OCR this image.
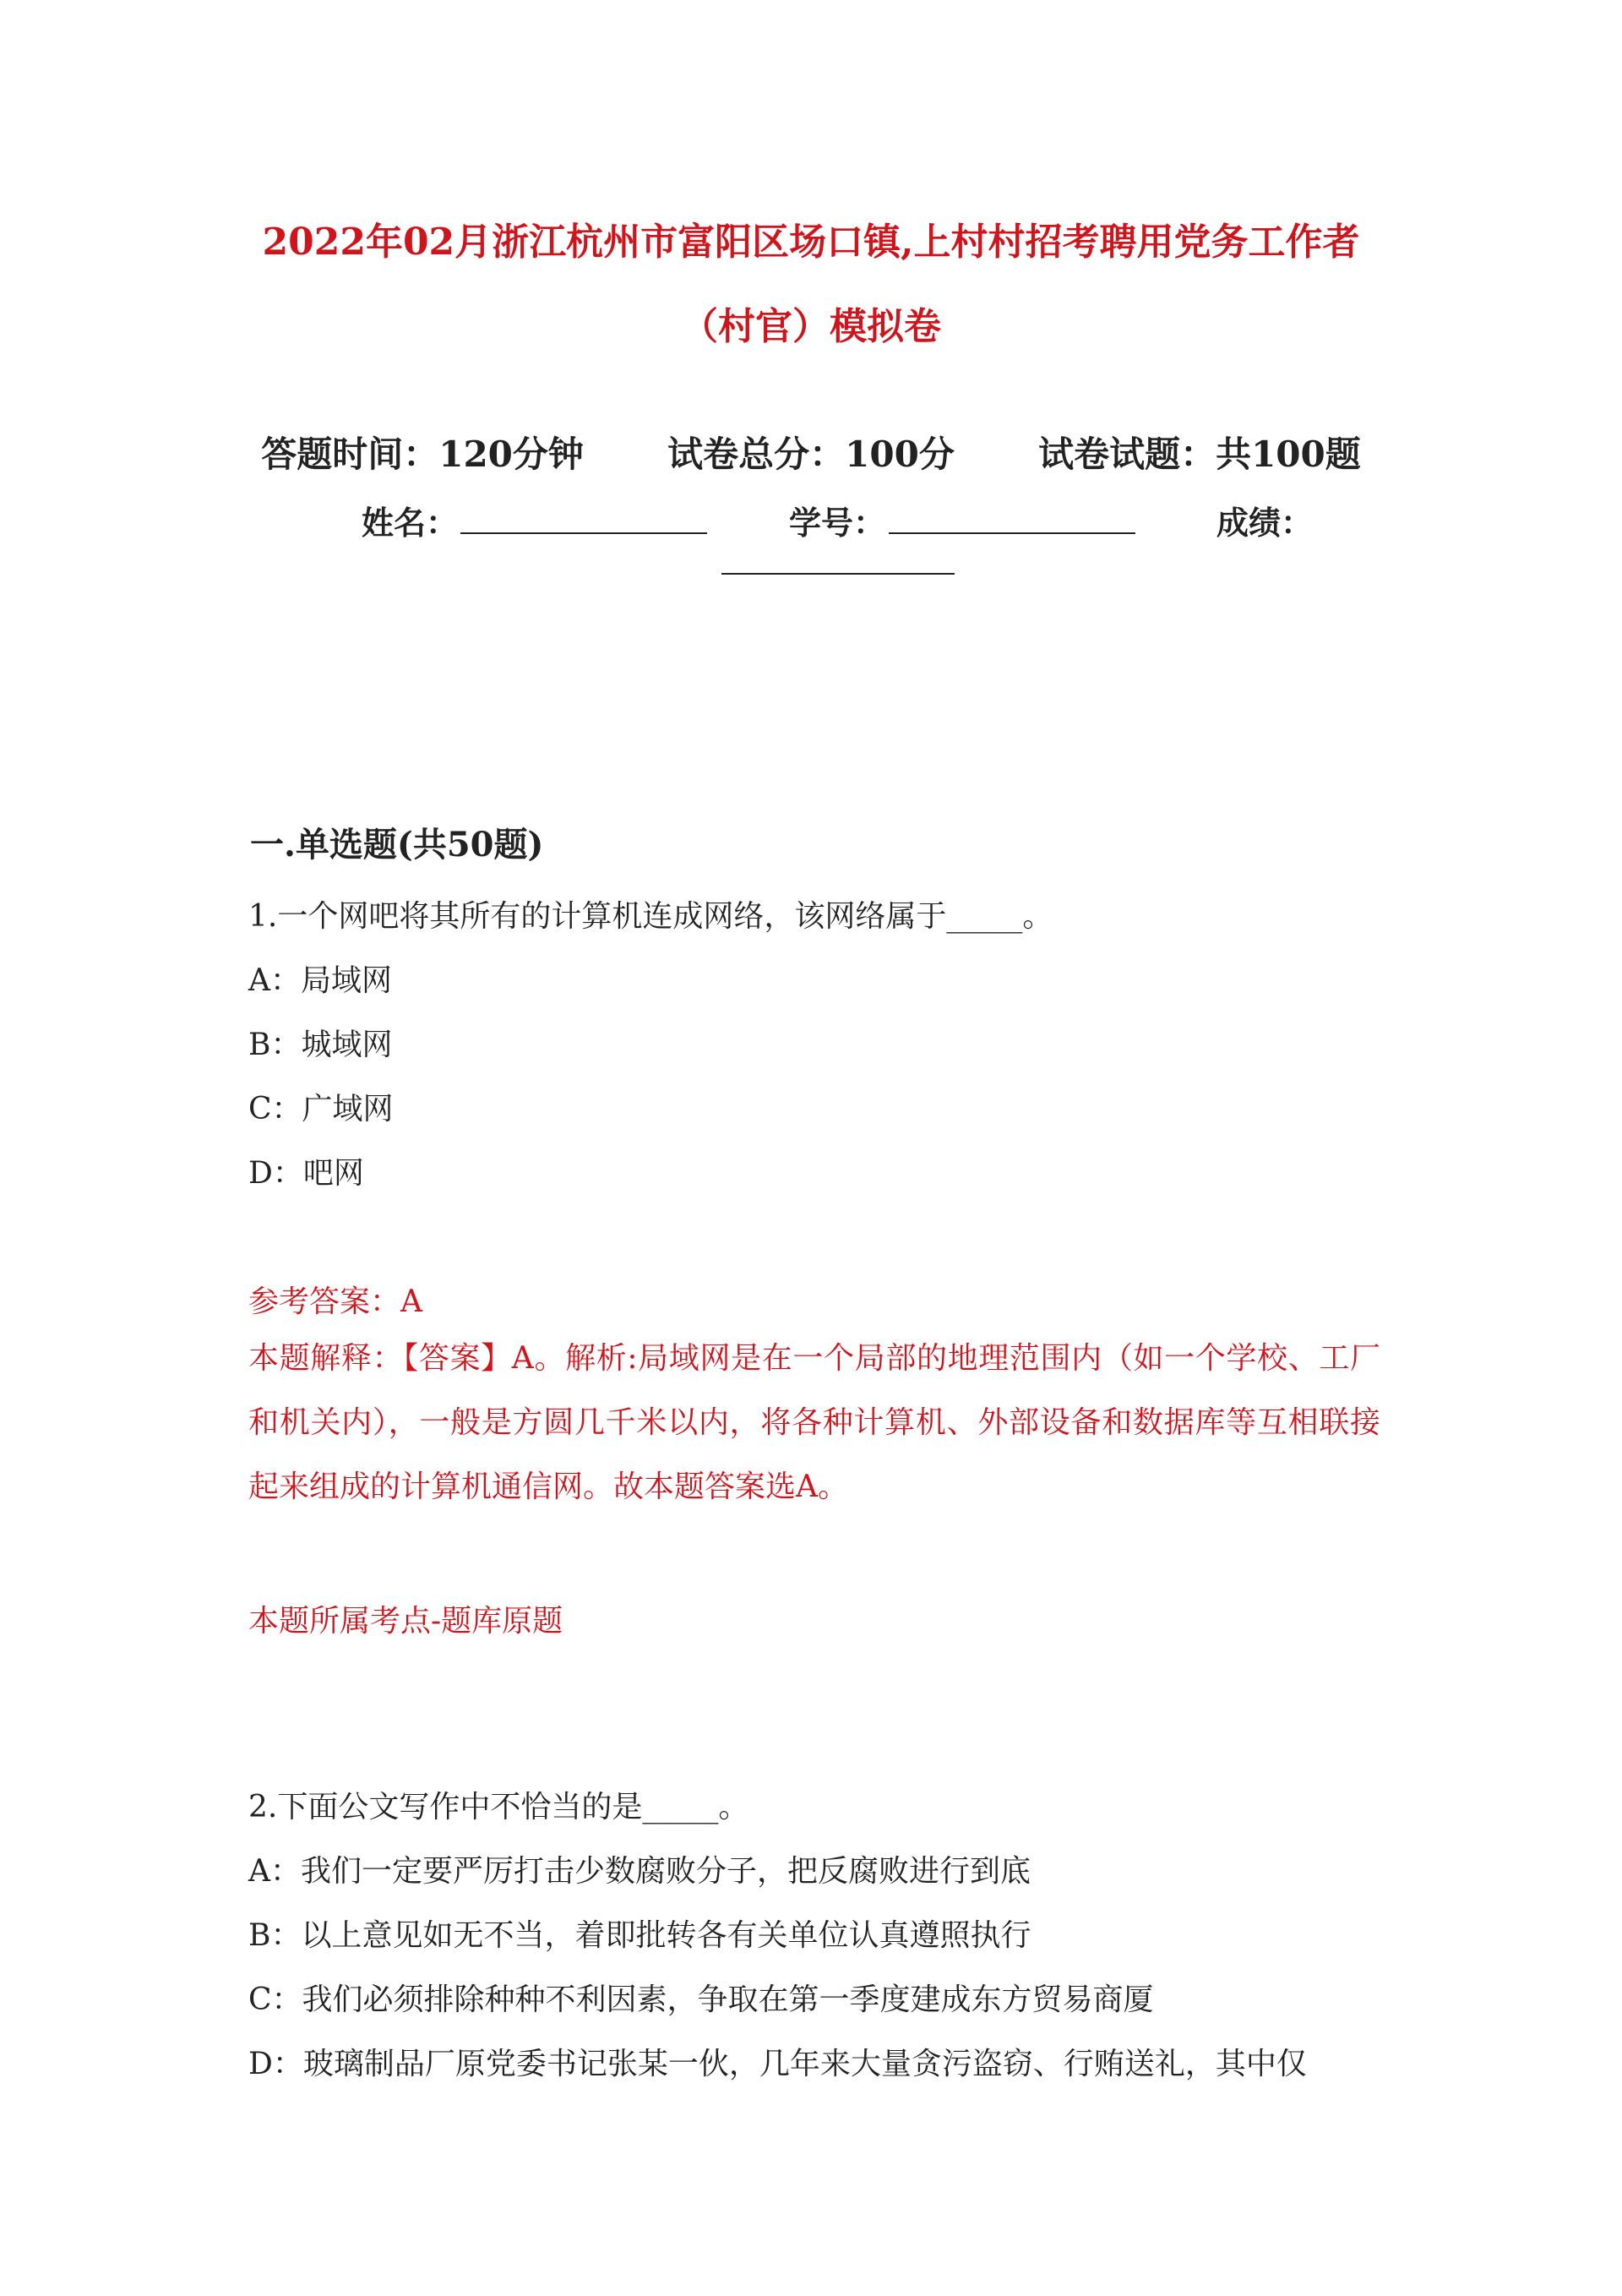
2022年02月浙江杭州市富阳区场口镇,上村村招考聘用党务工作者
（村官）模拟卷
答题时间：120分钟 试卷总分：100分 试卷试题：共100题
姓名：	学号：	成绩：
一.单选题(共50题)
1.一个网吧将其所有的计算机连成网络，该网络属于_____。
A：局域网
B：城域网
C：广域网
D：吧网
参考答案：A
本题解释：【答案】A。解析:局域网是在一个局部的地理范围内（如一个学校、工厂和机关内），一般是方圆几千米以内，将各种计算机、外部设备和数据库等互相联接起来组成的计算机通信网。故本题答案选A。
本题所属考点-题库原题
2.下面公文写作中不恰当的是_____。
A：我们一定要严厉打击少数腐败分子，把反腐败进行到底
B：以上意见如无不当，着即批转各有关单位认真遵照执行
C：我们必须排除种种不利因素，争取在第一季度建成东方贸易商厦
D：玻璃制品厂原党委书记张某一伙，几年来大量贪污盗窃、行贿送礼，其中仅
